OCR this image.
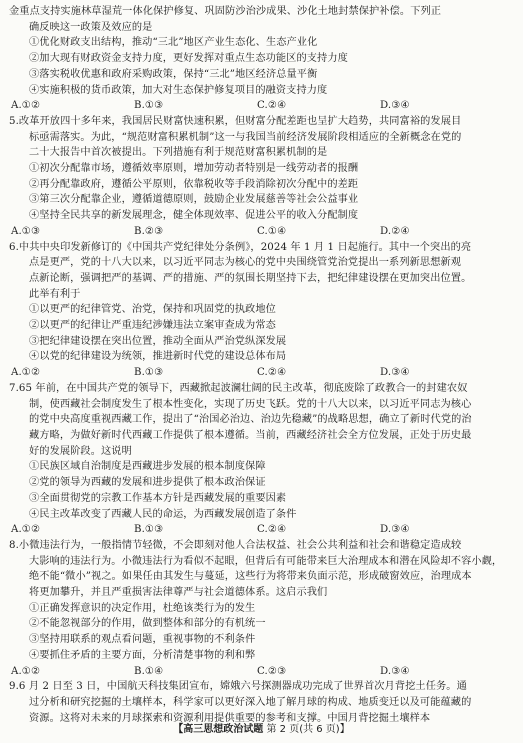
金重点支持实施林草湿荒一体化保护修复、巩固防沙治沙成果、沙化土地封禁保护补偿。下列正
确反映这一政策及效应的是
①优化财政支出结构，推动“三北”地区产业生态化、生态产业化
②加大现有财政资金支持力度，更好发挥对重点生态功能区的支持力度
③落实税收优惠和政府采购政策，保持“三北”地区经济总量平衡
④实施积极的货币政策，加大对生态保护修复项目的融资支持力度
A.①②	B.①③	C.②④	D.③④
5.改革开放四十多年来，我国居民财富快速积累，但财富分配差距也呈扩大趋势，共同富裕的发展目
标亟需落实。为此，“规范财富积累机制”这一与我国当前经济发展阶段相适应的全新概念在党的
二十大报告中首次被提出。下列措施有利于规范财富积累机制的是
①初次分配靠市场，遵循效率原则，增加劳动者特别是一线劳动者的报酬
②再分配靠政府，遵循公平原则，依靠税收等手段消除初次分配中的差距
③第三次分配靠企业，遵循道德原则，鼓励企业发展慈善等社会公益事业
④坚持全民共享的新发展理念，健全体现效率、促进公平的收入分配制度
A.①③	B.②③	C.①④	D.②④
6.中共中央印发新修订的《中国共产党纪律处分条例》，2024 年 1 月 1 日起施行。其中一个突出的亮
点是更严，党的十八大以来，以习近平同志为核心的党中央围绕管党治党提出一系列新思想新观
点新论断，强调把严的基调、严的措施、严的氛围长期坚持下去，把纪律建设摆在更加突出位置。
此举有利于
①以更严的纪律管党、治党，保持和巩固党的执政地位
②以更严的纪律让严重违纪涉嫌违法立案审查成为常态
③把纪律建设摆在突出位置，推动全面从严治党纵深发展
④以党的纪律建设为统领，推进新时代党的建设总体布局
A.①②	B.①③	C.②④	D.③④
7.65 年前，在中国共产党的领导下，西藏掀起波澜壮阔的民主改革，彻底废除了政教合一的封建农奴
制，使西藏社会制度发生了根本性变化，实现了历史飞跃。党的十八大以来，以习近平同志为核心
的党中央高度重视西藏工作，提出了“治国必治边、治边先稳藏”的战略思想，确立了新时代党的治
藏方略，为做好新时代西藏工作提供了根本遵循。当前，西藏经济社会全方位发展，正处于历史最
好的发展阶段。这说明
①民族区域自治制度是西藏进步发展的根本制度保障
②党的领导为西藏的发展和进步提供了根本政治保证
③全面贯彻党的宗教工作基本方针是西藏发展的重要因素
④民主改革改变了西藏人民的命运，为西藏发展创造了条件
A.①②	B.①③	C.②④	D.③④
8.小微违法行为，一般指情节轻微，不会即刻对他人合法权益、社会公共利益和社会和谐稳定造成较
大影响的违法行为。小微违法行为看似不起眼，但背后有可能带来巨大治理成本和潜在风险却不容小觑，
绝不能“微小”视之。如果任由其发生与蔓延，这些行为将带来负面示范，形成破窗效应，治理成本
将更加攀升，并且严重损害法律尊严与社会道德体系。这启示我们
①正确发挥意识的决定作用，杜绝该类行为的发生
②不能忽视部分的作用，做到整体和部分的有机统一
③坚持用联系的观点看问题，重视事物的不利条件
④要抓住矛盾的主要方面，分析清楚事物的利和弊
A.①②	B.①④	C.②③	D.③④
9.6 月 2 日至 3 日，中国航天科技集团宣布，嫦娥六号探测器成功完成了世界首次月背挖土任务。通
过分析和研究挖掘的土壤样本，科学家可以更好深入地了解月球的构成、地质变迁以及可能蕴藏的
资源。这将对未来的月球探索和资源利用提供重要的参考和支撑。中国月背挖掘土壤样本
【高三思想政治试题 第 2 页(共 6 页)】
